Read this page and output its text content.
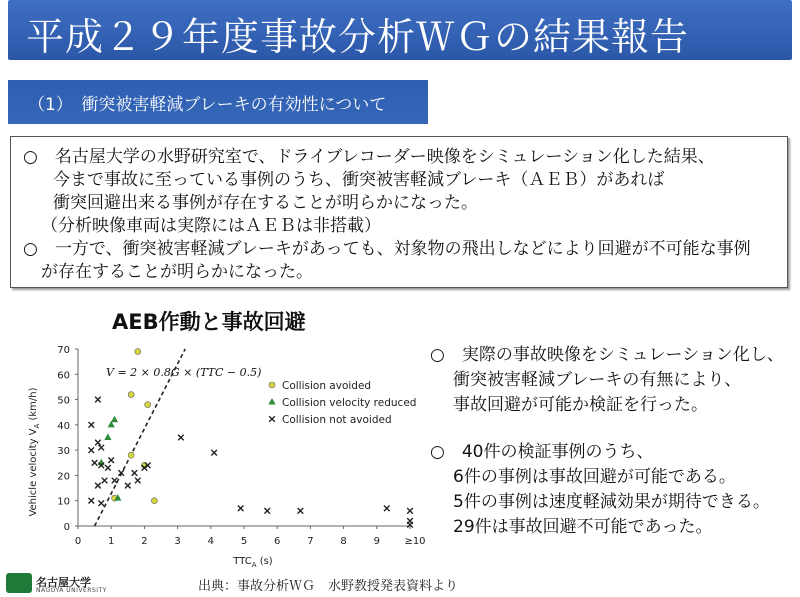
平成２９年度事故分析ＷＧの結果報告
（1）　衝突被害軽減ブレーキの有効性について
○　名古屋大学の水野研究室で、ドライブレコーダー映像をシミュレーション化した結果、
今まで事故に至っている事例のうち、衝突被害軽減ブレーキ（ＡＥＢ）があれば
衝突回避出来る事例が存在することが明らかになった。
（分析映像車両は実際にはＡＥＢは非搭載）
○　一方で、衝突被害軽減ブレーキがあっても、対象物の飛出しなどにより回避が不可能な事例
が存在することが明らかになった。
AEB作動と事故回避
Vehicle velocity $V_A$ (km/h)
0
10
20
30
40
50
60
70
0	1	2	3	4	5	6	7	8	9 ≥10
$TTC_A$ (s)
V = 2 × 0.8G × (TTC − 0.5)
Collision avoided
Collision velocity reduced
Collision not avoided
○　実際の事故映像をシミュレーション化し、
衝突被害軽減ブレーキの有無により、
事故回避が可能か検証を行った。
○　40件の検証事例のうち、
6件の事例は事故回避が可能である。
5件の事例は速度軽減効果が期待できる。
29件は事故回避不可能であった。
名古屋大学
NAGOYA UNIVERSITY	出典：事故分析ＷＧ　水野教授発表資料より
